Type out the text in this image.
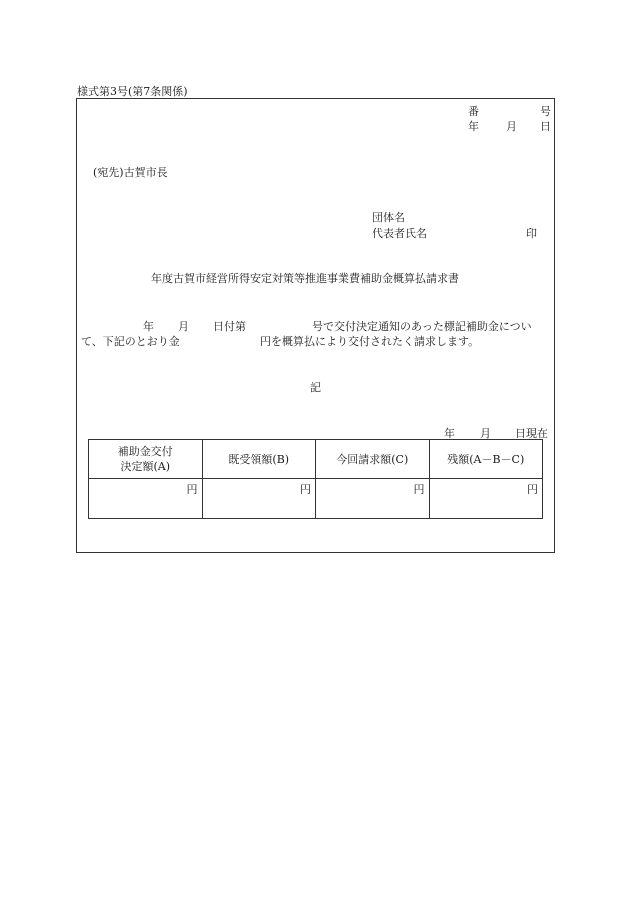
様式第3号(第7条関係)
番	号
年 月 日
(宛先)古賀市長
団体名
代表者氏名	印
年度古賀市経営所得安定対策等推進事業費補助金概算払請求書
年 月 日付第	号で交付決定通知のあった標記補助金につい
て、下記のとおり金	円を概算払により交付されたく請求します。
記
年 月 日現在
補助金交付
決定額(A)	既受領額(B)	今回請求額(C)	残額(A－B－C)

円	円	円	円
